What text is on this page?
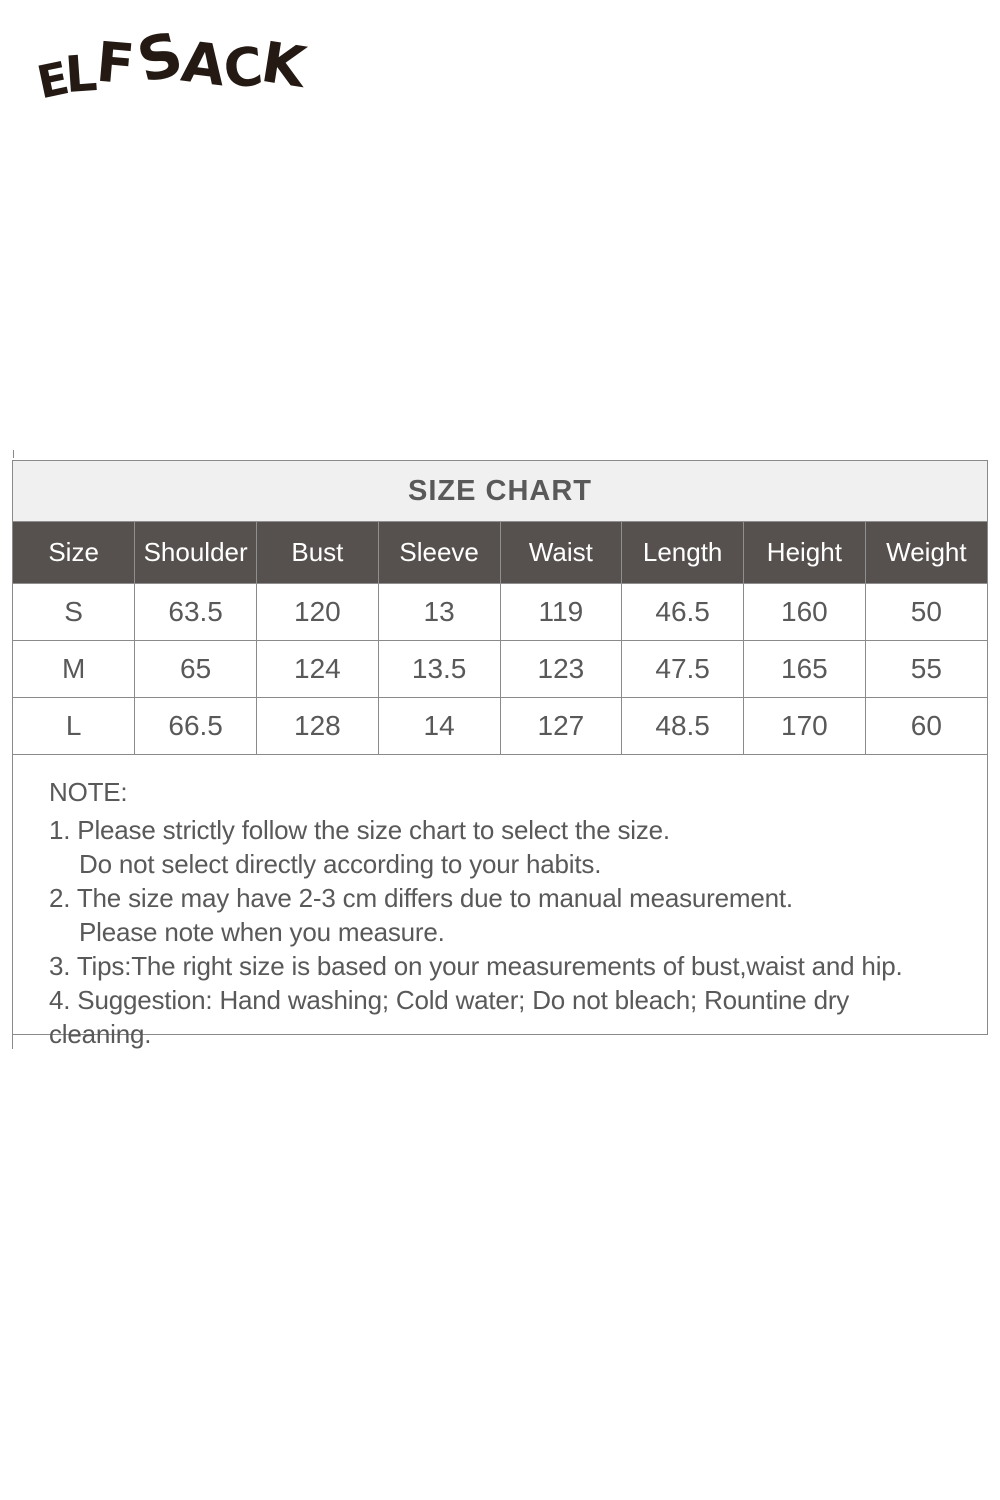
ELFSACK
SIZE CHART
Size	Shoulder	Bust	Sleeve	Waist	Length	Height	Weight
S	63.5	120	13	119	46.5	160	50
M	65	124	13.5	123	47.5	165	55
L	66.5	128	14	127	48.5	170	60
NOTE:
1. Please strictly follow the size chart to select the size.
Do not select directly according to your habits.
2. The size may have 2-3 cm differs due to manual measurement.
Please note when you measure.
3. Tips:The right size is based on your measurements of bust,waist and hip.
4. Suggestion: Hand washing; Cold water; Do not bleach; Rountine dry cleaning.
